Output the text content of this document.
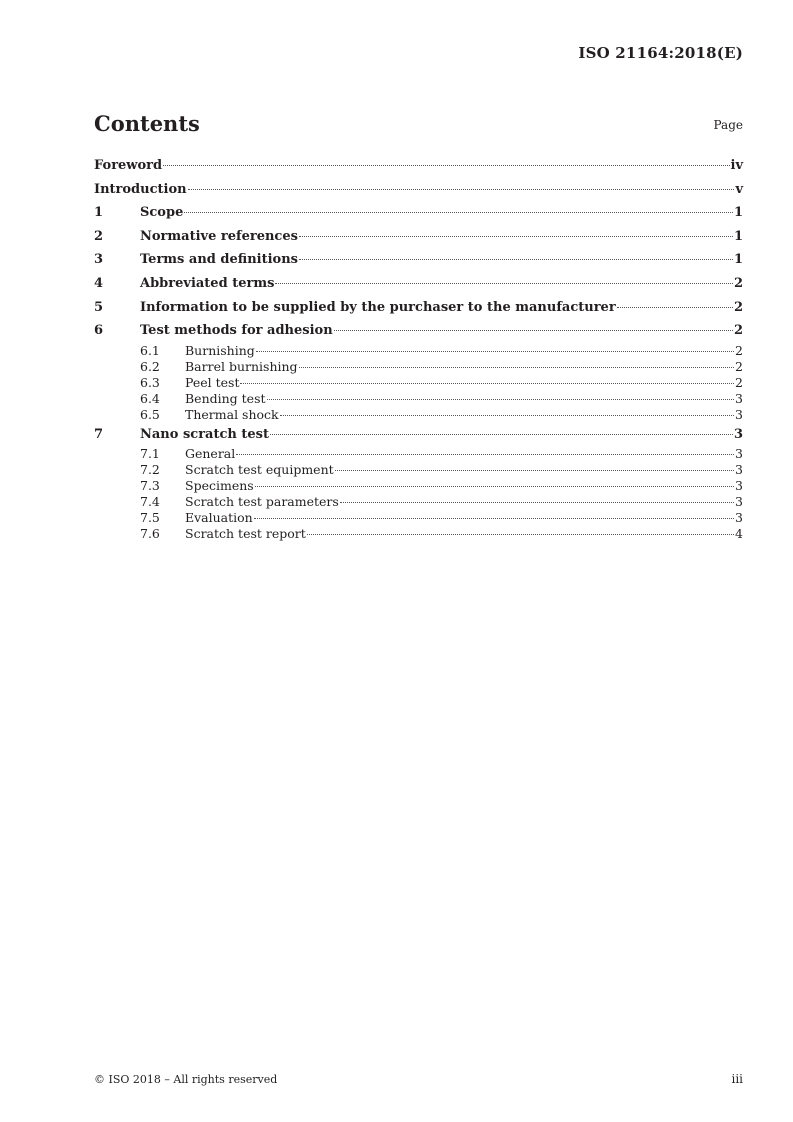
ISO 21164:2018(E)
Contents	Page
Foreword	iv
Introduction	v
1	Scope	1
2	Normative references	1
3	Terms and definitions	1
4	Abbreviated terms	2
5	Information to be supplied by the purchaser to the manufacturer	2
6	Test methods for adhesion	2
6.1	Burnishing	2
6.2	Barrel burnishing	2
6.3	Peel test	2
6.4	Bending test	3
6.5	Thermal shock	3
7	Nano scratch test	3
7.1	General	3
7.2	Scratch test equipment	3
7.3	Specimens	3
7.4	Scratch test parameters	3
7.5	Evaluation	3
7.6	Scratch test report	4
© ISO 2018 – All rights reserved	iii
